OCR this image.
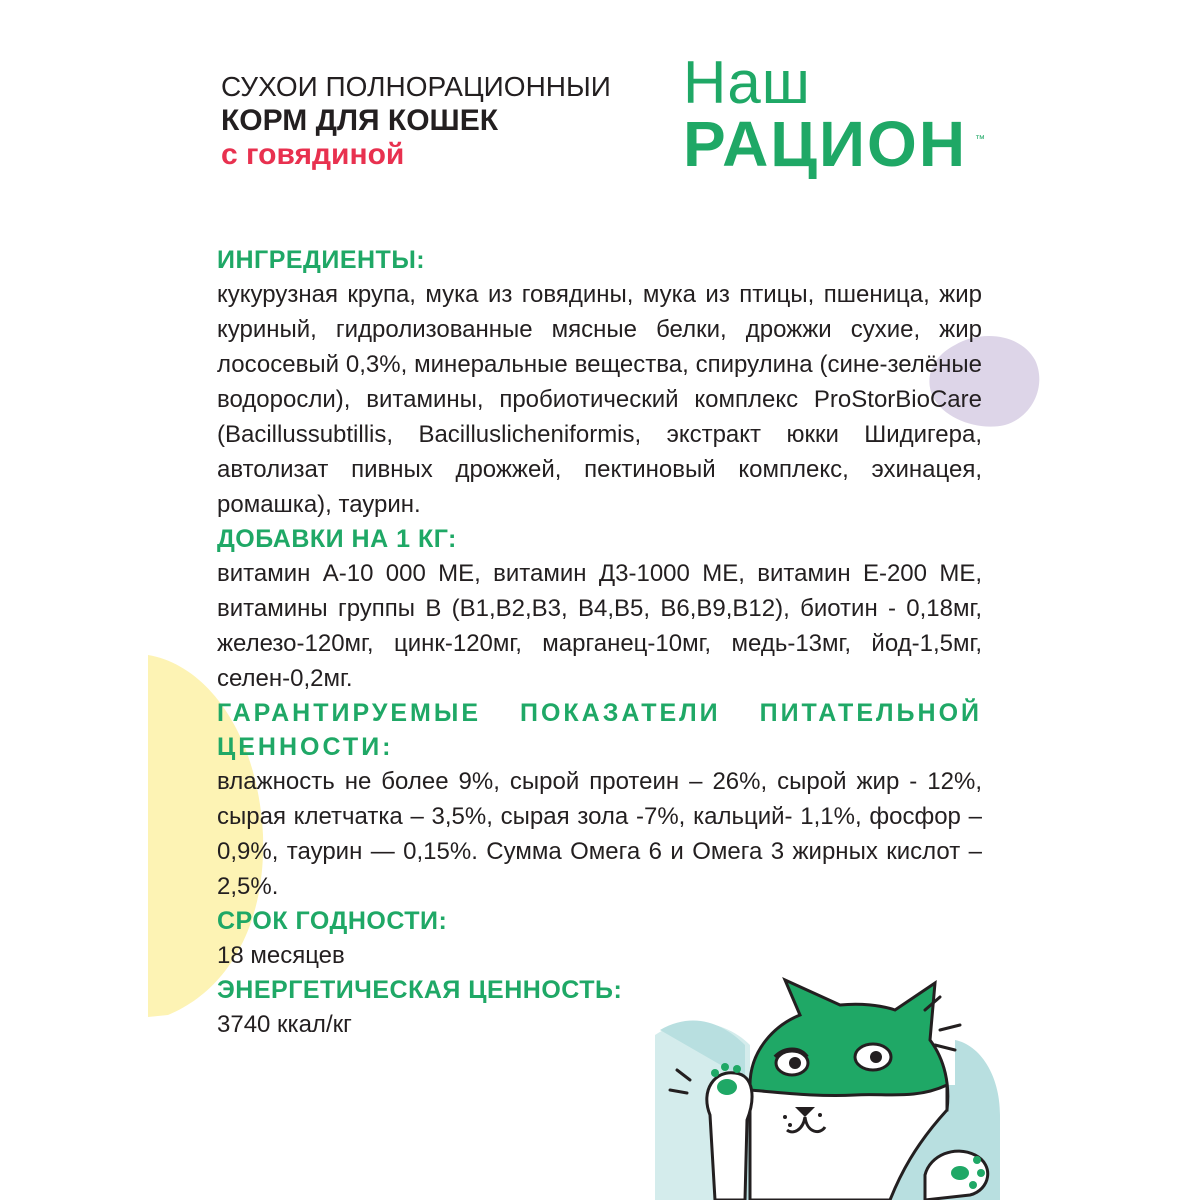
СУХОИ ПОЛНОРАЦИОННЫИ
КОРМ ДЛЯ КОШЕК
с говядиной
Наш
РАЦИОН ™
ИНГРЕДИЕНТЫ:
кукурузная крупа, мука из говядины, мука из птицы, пшеница, жир куриный, гидролизованные мясные белки, дрожжи сухие, жир лососевый 0,3%, минеральные вещества, спирулина (сине-зелёные водоросли), витамины, пробиотический комплекс ProStorBioCare (Bacillussubtillis, Bacilluslicheniformis, экстракт юкки Шидигера, автолизат пивных дрожжей, пектиновый комплекс, эхинацея, ромашка), таурин.
ДОБАВКИ НА 1 КГ:
витамин А-10 000 МЕ, витамин Д3-1000 МЕ, витамин Е-200 МЕ, витамины группы В (В1,В2,В3, В4,В5, В6,В9,В12), биотин - 0,18мг, железо-120мг, цинк-120мг, марганец-10мг, медь-13мг, йод-1,5мг, селен-0,2мг.
ГАРАНТИРУЕМЫЕ ПОКАЗАТЕЛИ ПИТАТЕЛЬНОЙ ЦЕННОСТИ:
влажность не более 9%, сырой протеин – 26%, сырой жир - 12%, сырая клетчатка – 3,5%, сырая зола -7%, кальций- 1,1%, фосфор – 0,9%, таурин — 0,15%. Сумма Омега 6 и Омега 3 жирных кислот – 2,5%.
СРОК ГОДНОСТИ:
18 месяцев
ЭНЕРГЕТИЧЕСКАЯ ЦЕННОСТЬ:
3740 ккал/кг
